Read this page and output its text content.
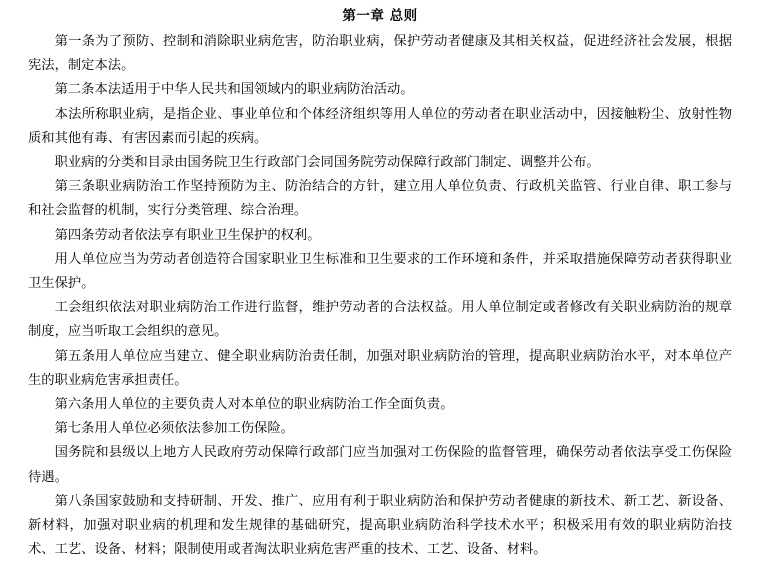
第一章 总则

第一条为了预防、控制和消除职业病危害，防治职业病，保护劳动者健康及其相关权益，促进经济社会发展，根据宪法，制定本法。

第二条本法适用于中华人民共和国领域内的职业病防治活动。

本法所称职业病，是指企业、事业单位和个体经济组织等用人单位的劳动者在职业活动中，因接触粉尘、放射性物质和其他有毒、有害因素而引起的疾病。

职业病的分类和目录由国务院卫生行政部门会同国务院劳动保障行政部门制定、调整并公布。

第三条职业病防治工作坚持预防为主、防治结合的方针，建立用人单位负责、行政机关监管、行业自律、职工参与和社会监督的机制，实行分类管理、综合治理。

第四条劳动者依法享有职业卫生保护的权利。

用人单位应当为劳动者创造符合国家职业卫生标准和卫生要求的工作环境和条件，并采取措施保障劳动者获得职业卫生保护。

工会组织依法对职业病防治工作进行监督，维护劳动者的合法权益。用人单位制定或者修改有关职业病防治的规章制度，应当听取工会组织的意见。

第五条用人单位应当建立、健全职业病防治责任制，加强对职业病防治的管理，提高职业病防治水平，对本单位产生的职业病危害承担责任。

第六条用人单位的主要负责人对本单位的职业病防治工作全面负责。

第七条用人单位必须依法参加工伤保险。

国务院和县级以上地方人民政府劳动保障行政部门应当加强对工伤保险的监督管理，确保劳动者依法享受工伤保险待遇。

第八条国家鼓励和支持研制、开发、推广、应用有利于职业病防治和保护劳动者健康的新技术、新工艺、新设备、新材料，加强对职业病的机理和发生规律的基础研究，提高职业病防治科学技术水平；积极采用有效的职业病防治技术、工艺、设备、材料；限制使用或者淘汰职业病危害严重的技术、工艺、设备、材料。
